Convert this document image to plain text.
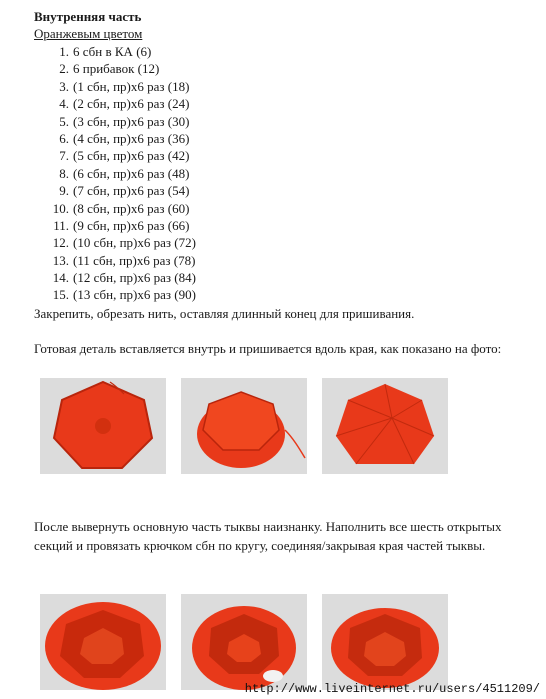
Внутренняя часть
Оранжевым цветом
1. 6 сбн в КА (6)
2. 6 прибавок (12)
3. (1 сбн, пр)х6 раз (18)
4. (2 сбн, пр)х6 раз (24)
5. (3 сбн, пр)х6 раз (30)
6. (4 сбн, пр)х6 раз (36)
7. (5 сбн, пр)х6 раз (42)
8. (6 сбн, пр)х6 раз (48)
9. (7 сбн, пр)х6 раз (54)
10. (8 сбн, пр)х6 раз (60)
11. (9 сбн, пр)х6 раз (66)
12. (10 сбн, пр)х6 раз (72)
13. (11 сбн, пр)х6 раз (78)
14. (12 сбн, пр)х6 раз (84)
15. (13 сбн, пр)х6 раз (90)
Закрепить, обрезать нить, оставляя длинный конец для пришивания.
Готовая деталь вставляется внутрь и пришивается вдоль края, как показано на фото:
После вывернуть основную часть тыквы наизнанку. Наполнить все шесть открытых
секций и провязать крючком сбн по кругу, соединяя/закрывая края частей тыквы.
http://www.liveinternet.ru/users/4511209/
